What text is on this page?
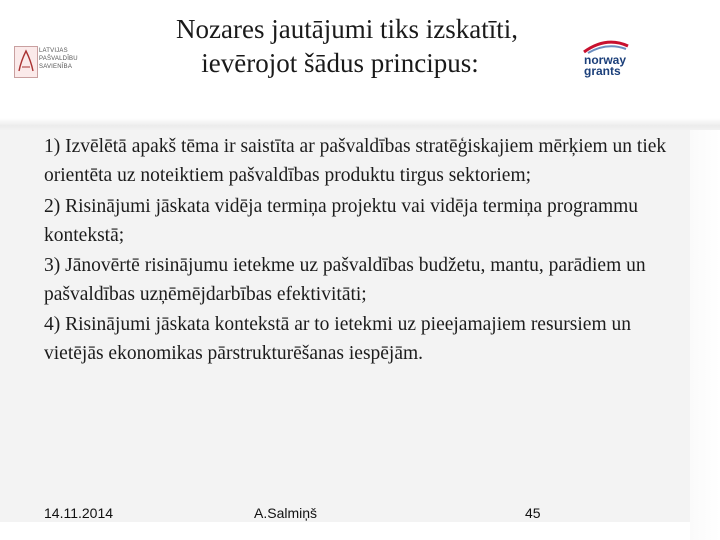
LATVIJAS
PAŠVALDĪBU
SAVIENĪBA
Nozares jautājumi tiks izskatīti,
ievērojot šādus principus:	norway
grants

1) Izvēlētā apakš tēma ir saistīta ar pašvaldības stratēģiskajiem mērķiem un tiek orientēta uz noteiktiem pašvaldības produktu tirgus sektoriem;

2) Risinājumi jāskata vidēja termiņa projektu vai vidēja termiņa programmu kontekstā;

3) Jānovērtē risinājumu ietekme uz pašvaldības budžetu, mantu, parādiem un pašvaldības uzņēmējdarbības efektivitāti;

4) Risinājumi jāskata kontekstā ar to ietekmi uz pieejamajiem resursiem un vietējās ekonomikas pārstrukturēšanas iespējām.

14.11.2014	A.Salmiņš	45
